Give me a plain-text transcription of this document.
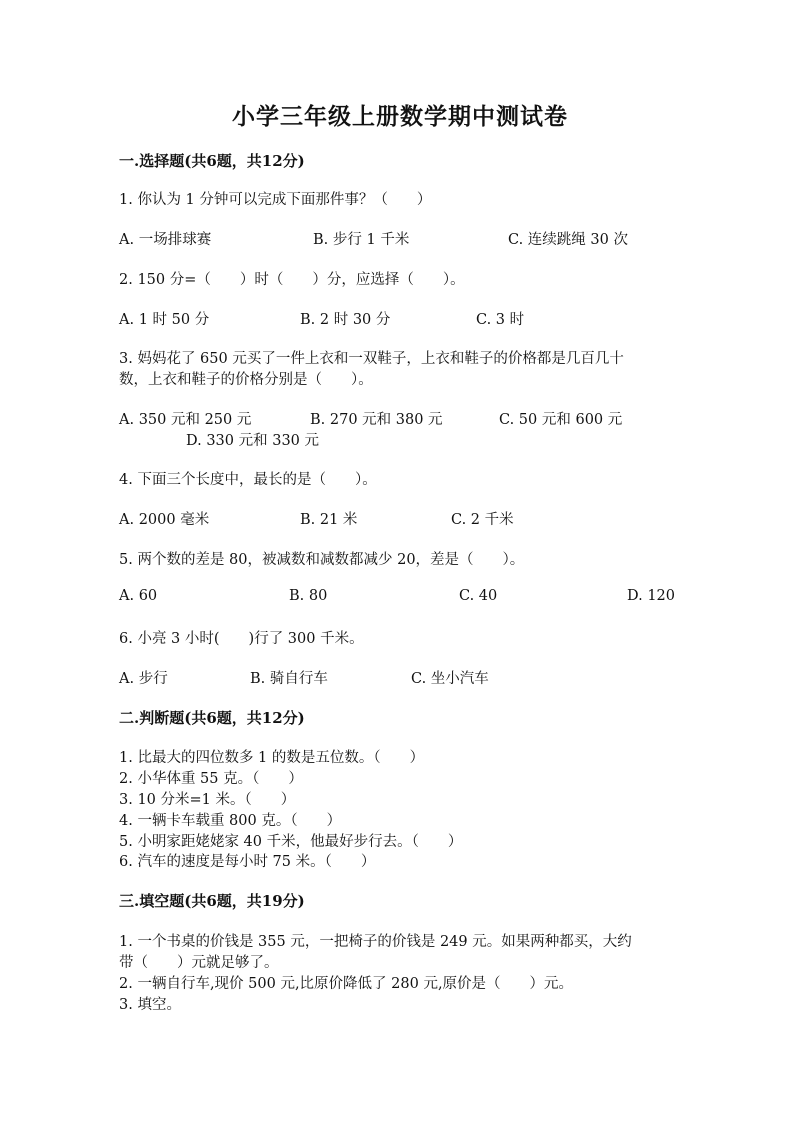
小学三年级上册数学期中测试卷
一.选择题(共6题，共12分)
1. 你认为 1 分钟可以完成下面那件事？（　　）
A. 一场排球赛	B. 步行 1 千米	C. 连续跳绳 30 次
2. 150 分=（　　）时（　　）分，应选择（　　）。
A. 1 时 50 分	B. 2 时 30 分	C. 3 时
3. 妈妈花了 650 元买了一件上衣和一双鞋子，上衣和鞋子的价格都是几百几十
数，上衣和鞋子的价格分别是（　　）。
A. 350 元和 250 元	B. 270 元和 380 元	C. 50 元和 600 元
D. 330 元和 330 元
4. 下面三个长度中，最长的是（　　）。
A. 2000 毫米	B. 21 米	C. 2 千米
5. 两个数的差是 80，被减数和减数都减少 20，差是（　　）。
A. 60	B. 80	C. 40	D. 120
6. 小亮 3 小时(　　)行了 300 千米。
A. 步行	B. 骑自行车	C. 坐小汽车
二.判断题(共6题，共12分)
1. 比最大的四位数多 1 的数是五位数。（　　）
2. 小华体重 55 克。（　　）
3. 10 分米=1 米。（　　）
4. 一辆卡车载重 800 克。（　　）
5. 小明家距姥姥家 40 千米，他最好步行去。（　　）
6. 汽车的速度是每小时 75 米。（　　）
三.填空题(共6题，共19分)
1. 一个书桌的价钱是 355 元，一把椅子的价钱是 249 元。如果两种都买，大约
带（　　）元就足够了。
2. 一辆自行车,现价 500 元,比原价降低了 280 元,原价是（　　）元。
3. 填空。
